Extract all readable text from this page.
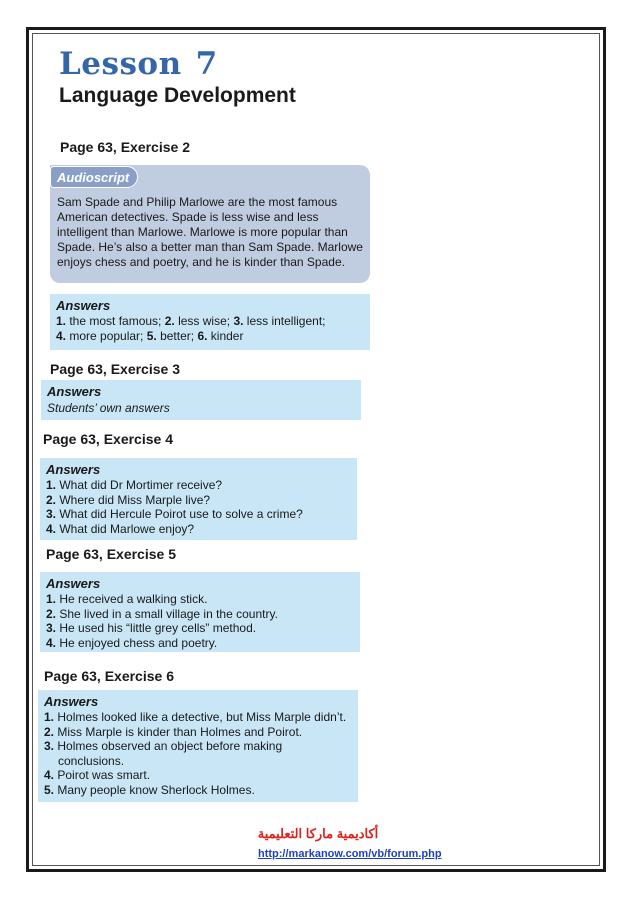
Lesson 7
Language Development
Page 63, Exercise 2
Audioscript
Sam Spade and Philip Marlowe are the most famous
American detectives. Spade is less wise and less
intelligent than Marlowe. Marlowe is more popular than
Spade. He’s also a better man than Sam Spade. Marlowe
enjoys chess and poetry, and he is kinder than Spade.
Answers
1. the most famous; 2. less wise; 3. less intelligent;
4. more popular; 5. better; 6. kinder
Page 63, Exercise 3
Answers
Students’ own answers
Page 63, Exercise 4
Answers
1. What did Dr Mortimer receive?
2. Where did Miss Marple live?
3. What did Hercule Poirot use to solve a crime?
4. What did Marlowe enjoy?
Page 63, Exercise 5
Answers
1. He received a walking stick.
2. She lived in a small village in the country.
3. He used his “little grey cells” method.
4. He enjoyed chess and poetry.
Page 63, Exercise 6
Answers
1. Holmes looked like a detective, but Miss Marple didn’t.
2. Miss Marple is kinder than Holmes and Poirot.
3. Holmes observed an object before making
conclusions.
4. Poirot was smart.
5. Many people know Sherlock Holmes.
أكاديمية ماركا التعليمية
http://markanow.com/vb/forum.php
